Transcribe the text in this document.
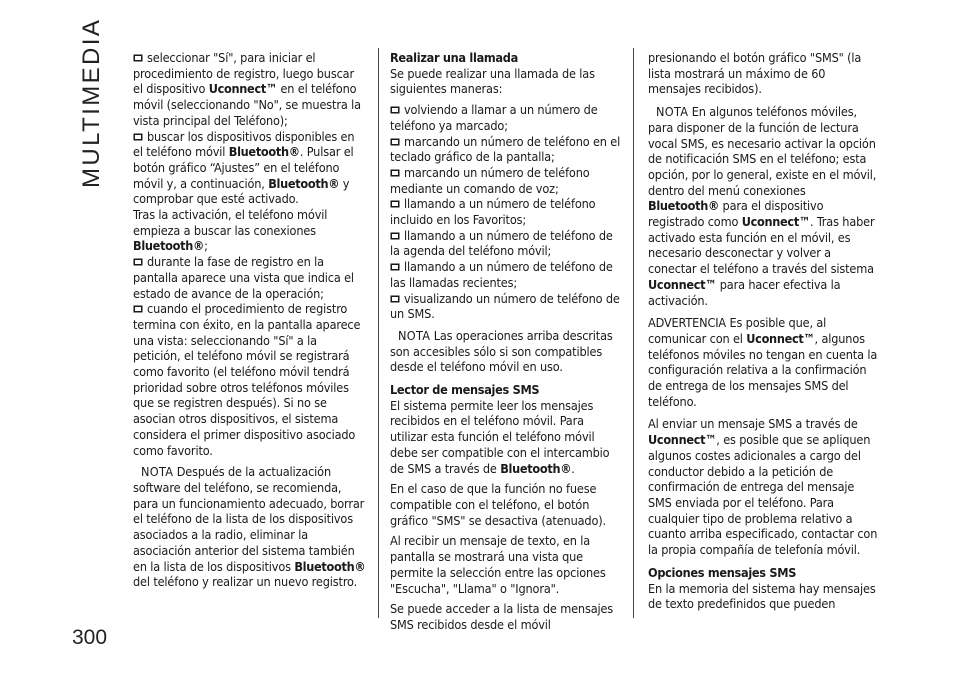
MULTIMEDIA
300

seleccionar "Sí", para iniciar el procedimiento de registro, luego buscar el dispositivo Uconnect™ en el teléfono móvil (seleccionando "No", se muestra la vista principal del Teléfono);

buscar los dispositivos disponibles en el teléfono móvil Bluetooth®. Pulsar el botón gráfico “Ajustes” en el teléfono móvil y, a continuación, Bluetooth® y comprobar que esté activado.

Tras la activación, el teléfono móvil empieza a buscar las conexiones Bluetooth®;

durante la fase de registro en la pantalla aparece una vista que indica el estado de avance de la operación;

cuando el procedimiento de registro termina con éxito, en la pantalla aparece una vista: seleccionando "Sí" a la petición, el teléfono móvil se registrará como favorito (el teléfono móvil tendrá prioridad sobre otros teléfonos móviles que se registren después). Si no se asocian otros dispositivos, el sistema considera el primer dispositivo asociado como favorito.

NOTA Después de la actualización software del teléfono, se recomienda, para un funcionamiento adecuado, borrar el teléfono de la lista de los dispositivos asociados a la radio, eliminar la asociación anterior del sistema también en la lista de los dispositivos Bluetooth® del teléfono y realizar un nuevo registro.

Realizar una llamada

Se puede realizar una llamada de las siguientes maneras:

volviendo a llamar a un número de teléfono ya marcado;

marcando un número de teléfono en el teclado gráfico de la pantalla;

marcando un número de teléfono mediante un comando de voz;

llamando a un número de teléfono incluido en los Favoritos;

llamando a un número de teléfono de la agenda del teléfono móvil;

llamando a un número de teléfono de las llamadas recientes;

visualizando un número de teléfono de un SMS.

NOTA Las operaciones arriba descritas son accesibles sólo si son compatibles desde el teléfono móvil en uso.

Lector de mensajes SMS

El sistema permite leer los mensajes recibidos en el teléfono móvil. Para utilizar esta función el teléfono móvil debe ser compatible con el intercambio de SMS a través de Bluetooth®.

En el caso de que la función no fuese compatible con el teléfono, el botón gráfico "SMS" se desactiva (atenuado).

Al recibir un mensaje de texto, en la pantalla se mostrará una vista que permite la selección entre las opciones "Escucha", "Llama" o "Ignora".

Se puede acceder a la lista de mensajes SMS recibidos desde el móvil

presionando el botón gráfico "SMS" (la lista mostrará un máximo de 60 mensajes recibidos).

NOTA En algunos teléfonos móviles, para disponer de la función de lectura vocal SMS, es necesario activar la opción de notificación SMS en el teléfono; esta opción, por lo general, existe en el móvil, dentro del menú conexiones Bluetooth® para el dispositivo registrado como Uconnect™. Tras haber activado esta función en el móvil, es necesario desconectar y volver a conectar el teléfono a través del sistema Uconnect™ para hacer efectiva la activación.

ADVERTENCIA Es posible que, al comunicar con el Uconnect™, algunos teléfonos móviles no tengan en cuenta la configuración relativa a la confirmación de entrega de los mensajes SMS del teléfono.

Al enviar un mensaje SMS a través de Uconnect™, es posible que se apliquen algunos costes adicionales a cargo del conductor debido a la petición de confirmación de entrega del mensaje SMS enviada por el teléfono. Para cualquier tipo de problema relativo a cuanto arriba especificado, contactar con la propia compañía de telefonía móvil.

Opciones mensajes SMS

En la memoria del sistema hay mensajes de texto predefinidos que pueden
